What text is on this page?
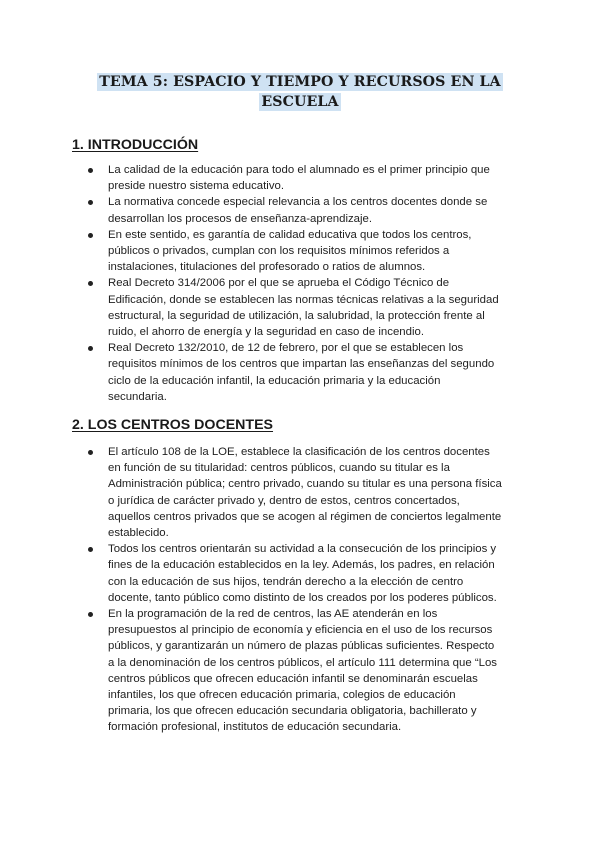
TEMA 5: ESPACIO Y TIEMPO Y RECURSOS EN LA
ESCUELA
1. INTRODUCCIÓN
La calidad de la educación para todo el alumnado es el primer principio que
preside nuestro sistema educativo.
La normativa concede especial relevancia a los centros docentes donde se
desarrollan los procesos de enseñanza-aprendizaje.
En este sentido, es garantía de calidad educativa que todos los centros,
públicos o privados, cumplan con los requisitos mínimos referidos a
instalaciones, titulaciones del profesorado o ratios de alumnos.
Real Decreto 314/2006 por el que se aprueba el Código Técnico de
Edificación, donde se establecen las normas técnicas relativas a la seguridad
estructural, la seguridad de utilización, la salubridad, la protección frente al
ruido, el ahorro de energía y la seguridad en caso de incendio.
Real Decreto 132/2010, de 12 de febrero, por el que se establecen los
requisitos mínimos de los centros que impartan las enseñanzas del segundo
ciclo de la educación infantil, la educación primaria y la educación
secundaria.
2. LOS CENTROS DOCENTES
El artículo 108 de la LOE, establece la clasificación de los centros docentes
en función de su titularidad: centros públicos, cuando su titular es la
Administración pública; centro privado, cuando su titular es una persona física
o jurídica de carácter privado y, dentro de estos, centros concertados,
aquellos centros privados que se acogen al régimen de conciertos legalmente
establecido.
Todos los centros orientarán su actividad a la consecución de los principios y
fines de la educación establecidos en la ley. Además, los padres, en relación
con la educación de sus hijos, tendrán derecho a la elección de centro
docente, tanto público como distinto de los creados por los poderes públicos.
En la programación de la red de centros, las AE atenderán en los
presupuestos al principio de economía y eficiencia en el uso de los recursos
públicos, y garantizarán un número de plazas públicas suficientes. Respecto
a la denominación de los centros públicos, el artículo 111 determina que “Los
centros públicos que ofrecen educación infantil se denominarán escuelas
infantiles, los que ofrecen educación primaria, colegios de educación
primaria, los que ofrecen educación secundaria obligatoria, bachillerato y
formación profesional, institutos de educación secundaria.
